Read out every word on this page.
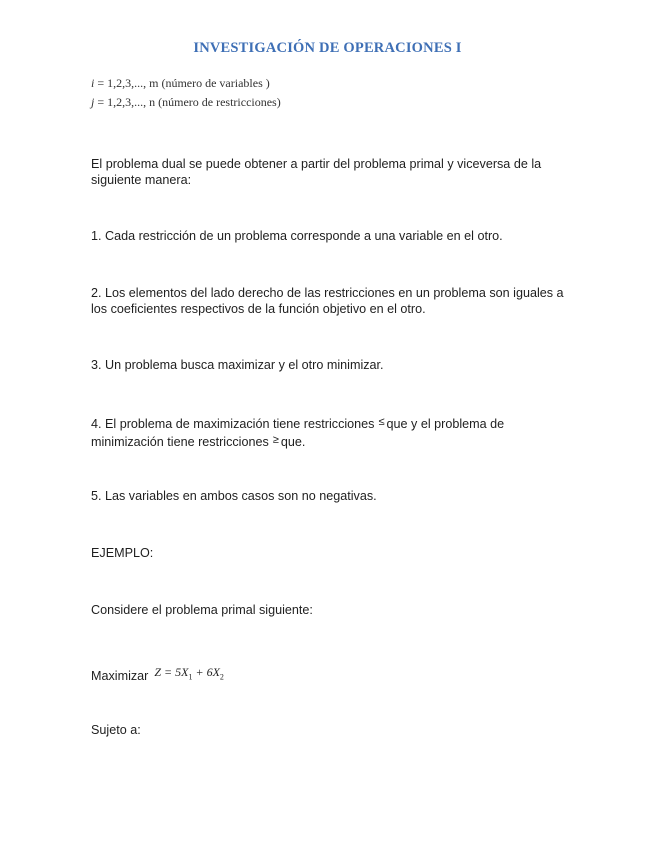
INVESTIGACIÓN DE OPERACIONES I
i = 1,2,3,..., m (número de variables )
j = 1,2,3,..., n (número de restricciones)
El problema dual se puede obtener a partir del problema primal y viceversa de la siguiente manera:
1. Cada restricción de un problema corresponde a una variable en el otro.
2. Los elementos del lado derecho de las restricciones en un problema son iguales a los coeficientes respectivos de la función objetivo en el otro.
3. Un problema busca maximizar y el otro minimizar.
4. El problema de maximización tiene restricciones ≤ que y el problema de minimización tiene restricciones ≥ que.
5. Las variables en ambos casos son no negativas.
EJEMPLO:
Considere el problema primal siguiente:
Maximizar $Z = 5X_1 + 6X_2$
Sujeto a:
